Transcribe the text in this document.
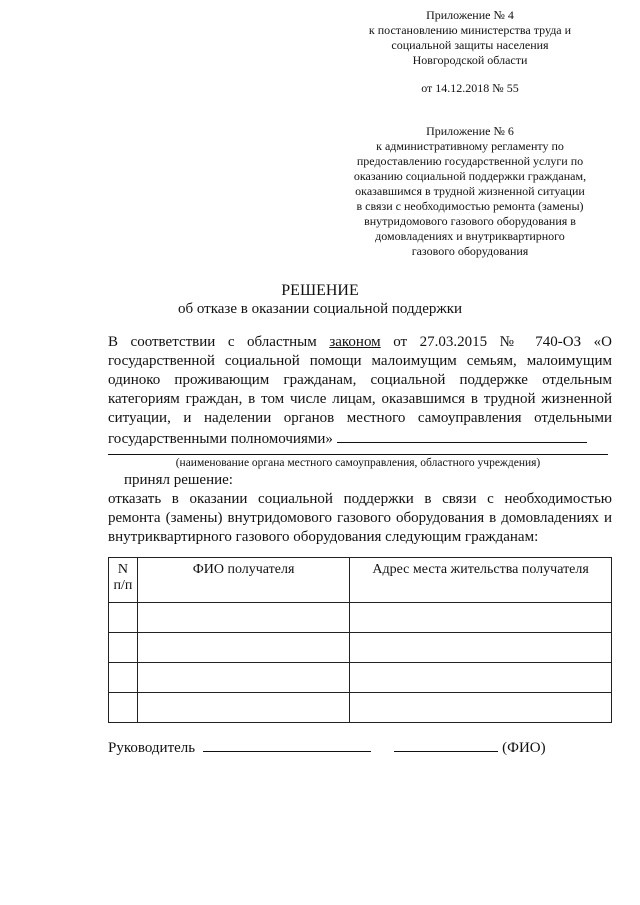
Приложение № 4
к постановлению министерства труда и
социальной защиты населения
Новгородской области
от 14.12.2018 № 55
Приложение № 6
к административному регламенту по
предоставлению государственной услуги по
оказанию социальной поддержки гражданам,
оказавшимся в трудной жизненной ситуации
в связи с необходимостью ремонта (замены)
внутридомового газового оборудования в
домовладениях и внутриквартирного
газового оборудования
РЕШЕНИЕ
об отказе в оказании социальной поддержки
В соответствии с областным законом от 27.03.2015 № 740-ОЗ «О
государственной социальной помощи малоимущим семьям, малоимущим
одиноко проживающим гражданам, социальной поддержке отдельным
категориям граждан, в том числе лицам, оказавшимся в трудной жизненной
ситуации, и наделении органов местного самоуправления отдельными
государственными полномочиями»
(наименование органа местного самоуправления, областного учреждения)
принял решение:
отказать в оказании социальной поддержки в связи с необходимостью
ремонта (замены) внутридомового газового оборудования в домовладениях и
внутриквартирного газового оборудования следующим гражданам:
N
п/п	ФИО получателя	Адрес места жительства получателя

Руководитель	(ФИО)
